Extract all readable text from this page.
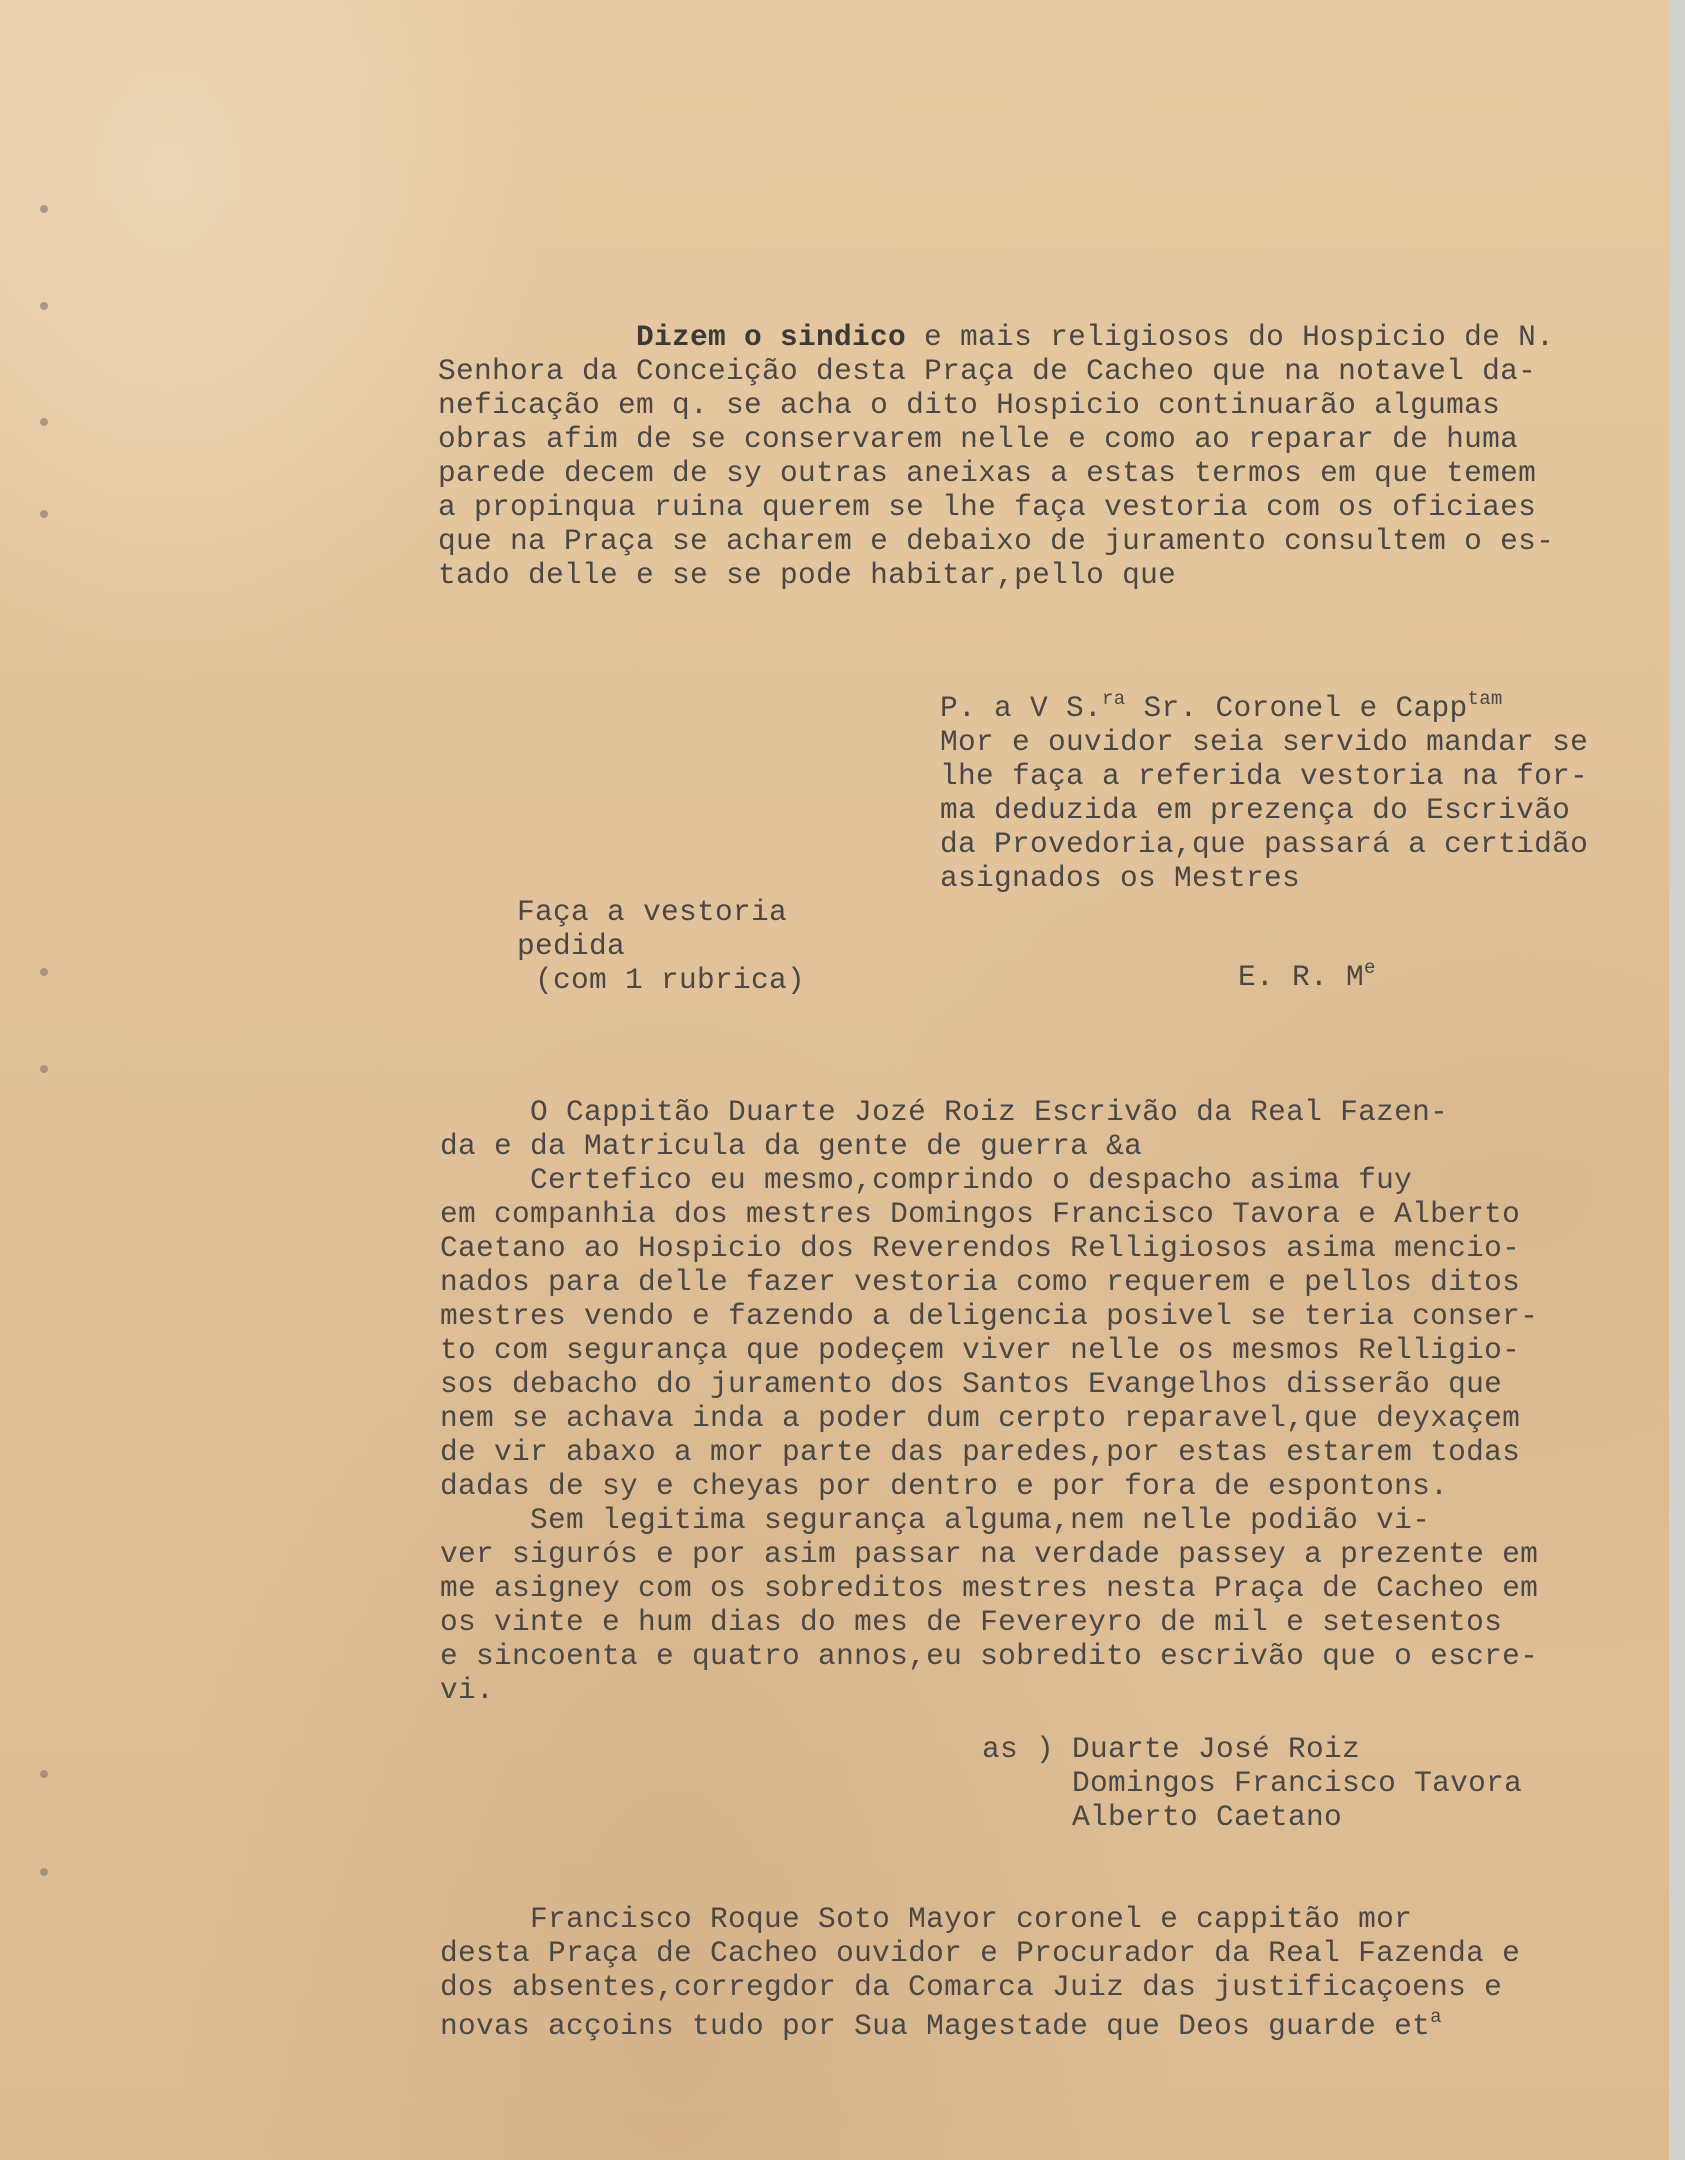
Dizem o sindico e mais religiosos do Hospicio de N.

Senhora da Conceição desta Praça de Cacheo que na notavel da-

neficação em q. se acha o dito Hospicio continuarão algumas

obras afim de se conservarem nelle e como ao reparar de huma

parede decem de sy outras aneixas a estas termos em que temem

a propinqua ruina querem se lhe faça vestoria com os oficiaes

que na Praça se acharem e debaixo de juramento consultem o es-

tado delle e se se pode habitar,pello que

P. a V S.$^{ra}$ Sr. Coronel e Capp$^{tam}$

Mor e ouvidor seia servido mandar se

lhe faça a referida vestoria na for-

ma deduzida em prezença do Escrivão

da Provedoria,que passará a certidão

asignados os Mestres

E. R. Me

Faça a vestoria

pedida

(com 1 rubrica)

O Cappitão Duarte Jozé Roiz Escrivão da Real Fazen-

da e da Matricula da gente de guerra &a

Certefico eu mesmo,comprindo o despacho asima fuy

em companhia dos mestres Domingos Francisco Tavora e Alberto

Caetano ao Hospicio dos Reverendos Relligiosos asima mencio-

nados para delle fazer vestoria como requerem e pellos ditos

mestres vendo e fazendo a deligencia posivel se teria conser-

to com segurança que podeçem viver nelle os mesmos Relligio-

sos debacho do juramento dos Santos Evangelhos disserão que

nem se achava inda a poder dum cerpto reparavel,que deyxaçem

de vir abaxo a mor parte das paredes,por estas estarem todas

dadas de sy e cheyas por dentro e por fora de espontons.

Sem legitima segurança alguma,nem nelle podião vi-

ver sigurós e por asim passar na verdade passey a prezente em

me asigney com os sobreditos mestres nesta Praça de Cacheo em

os vinte e hum dias do mes de Fevereyro de mil e setesentos

e sincoenta e quatro annos,eu sobredito escrivão que o escre-

vi.

as ) Duarte José Roiz

Domingos Francisco Tavora

Alberto Caetano

Francisco Roque Soto Mayor coronel e cappitão mor

desta Praça de Cacheo ouvidor e Procurador da Real Fazenda e

dos absentes,corregdor da Comarca Juiz das justificaçoens e

novas acçoins tudo por Sua Magestade que Deos guarde $et^a$
